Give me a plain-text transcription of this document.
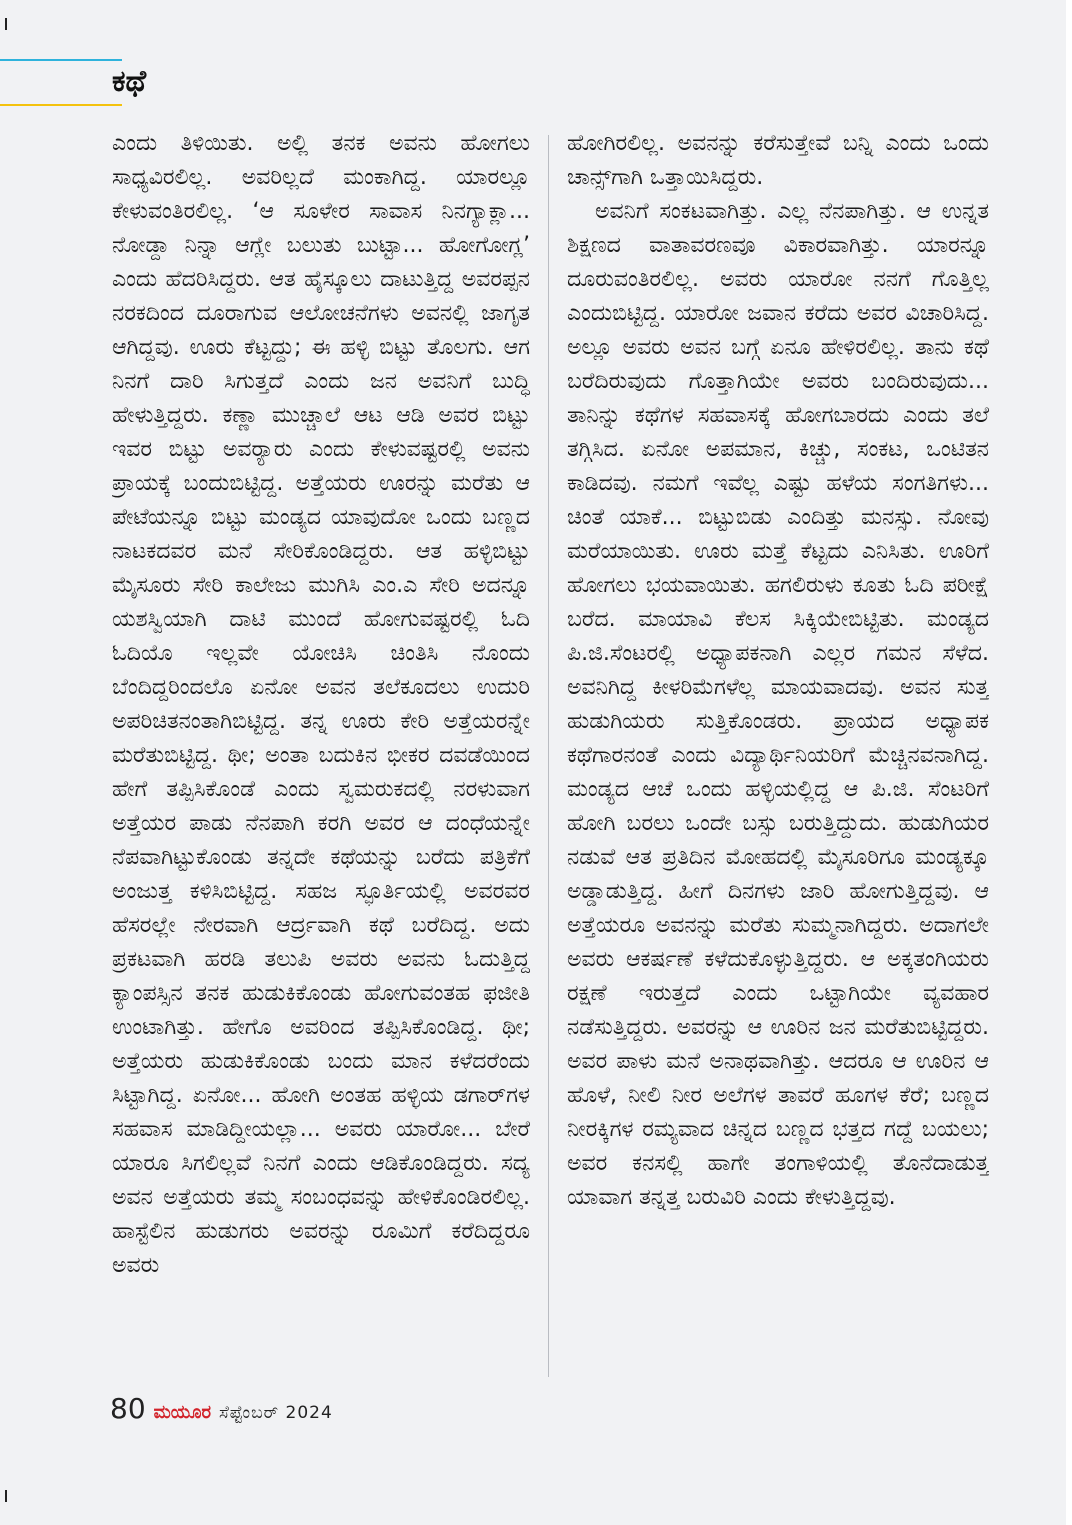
ಕಥೆ

ಎಂದು ತಿಳಿಯಿತು. ಅಲ್ಲಿ ತನಕ ಅವನು ಹೋಗಲು ಸಾಧ್ಯವಿರಲಿಲ್ಲ. ಅವರಿಲ್ಲದೆ ಮಂಕಾಗಿದ್ದ. ಯಾರಲ್ಲೂ ಕೇಳುವಂತಿರಲಿಲ್ಲ. ‘ಆ ಸೂಳೇರ ಸಾವಾಸ ನಿನಗ್ಯಾಕ್ಲಾ... ನೋಡ್ದಾ ನಿನ್ನಾ ಆಗ್ಲೇ ಬಲುತು ಬುಟ್ಟಾ... ಹೋಗೋಗ್ಲ’ ಎಂದು ಹೆದರಿಸಿದ್ದರು. ಆತ ಹೈಸ್ಕೂಲು ದಾಟುತ್ತಿದ್ದ ಅವರಪ್ಪನ ನರಕದಿಂದ ದೂರಾಗುವ ಆಲೋಚನೆಗಳು ಅವನಲ್ಲಿ ಜಾಗೃತ ಆಗಿದ್ದವು. ಊರು ಕೆಟ್ಟದ್ದು; ಈ ಹಳ್ಳಿ ಬಿಟ್ಟು ತೊಲಗು. ಆಗ ನಿನಗೆ ದಾರಿ ಸಿಗುತ್ತದೆ ಎಂದು ಜನ ಅವನಿಗೆ ಬುದ್ಧಿ ಹೇಳುತ್ತಿದ್ದರು. ಕಣ್ಣಾ ಮುಚ್ಚಾಲೆ ಆಟ ಆಡಿ ಅವರ ಬಿಟ್ಟು ಇವರ ಬಿಟ್ಟು ಅವರ್‍ಯಾರು ಎಂದು ಕೇಳುವಷ್ಟರಲ್ಲಿ ಅವನು ಪ್ರಾಯಕ್ಕೆ ಬಂದುಬಿಟ್ಟಿದ್ದ. ಅತ್ತೆಯರು ಊರನ್ನು ಮರೆತು ಆ ಪೇಟೆಯನ್ನೂ ಬಿಟ್ಟು ಮಂಡ್ಯದ ಯಾವುದೋ ಒಂದು ಬಣ್ಣದ ನಾಟಕದವರ ಮನೆ ಸೇರಿಕೊಂಡಿದ್ದರು. ಆತ ಹಳ್ಳಿಬಿಟ್ಟು ಮೈಸೂರು ಸೇರಿ ಕಾಲೇಜು ಮುಗಿಸಿ ಎಂ.ಎ ಸೇರಿ ಅದನ್ನೂ ಯಶಸ್ವಿಯಾಗಿ ದಾಟಿ ಮುಂದೆ ಹೋಗುವಷ್ಟರಲ್ಲಿ ಓದಿ ಓದಿಯೊ ಇಲ್ಲವೇ ಯೋಚಿಸಿ ಚಿಂತಿಸಿ ನೊಂದು ಬೆಂದಿದ್ದರಿಂದಲೊ ಏನೋ ಅವನ ತಲೆಕೂದಲು ಉದುರಿ ಅಪರಿಚಿತನಂತಾಗಿಬಿಟ್ಟಿದ್ದ. ತನ್ನ ಊರು ಕೇರಿ ಅತ್ತೆಯರನ್ನೇ ಮರೆತುಬಿಟ್ಟಿದ್ದ. ಥೀ; ಅಂತಾ ಬದುಕಿನ ಭೀಕರ ದವಡೆಯಿಂದ ಹೇಗೆ ತಪ್ಪಿಸಿಕೊಂಡೆ ಎಂದು ಸ್ವಮರುಕದಲ್ಲಿ ನರಳುವಾಗ ಅತ್ತೆಯರ ಪಾಡು ನೆನಪಾಗಿ ಕರಗಿ ಅವರ ಆ ದಂಧೆಯನ್ನೇ ನೆಪವಾಗಿಟ್ಟುಕೊಂಡು ತನ್ನದೇ ಕಥೆಯನ್ನು ಬರೆದು ಪತ್ರಿಕೆಗೆ ಅಂಜುತ್ತ ಕಳಿಸಿಬಿಟ್ಟಿದ್ದ. ಸಹಜ ಸ್ಫೂರ್ತಿಯಲ್ಲಿ ಅವರವರ ಹೆಸರಲ್ಲೇ ನೇರವಾಗಿ ಆರ್ದ್ರವಾಗಿ ಕಥೆ ಬರೆದಿದ್ದ. ಅದು ಪ್ರಕಟವಾಗಿ ಹರಡಿ ತಲುಪಿ ಅವರು ಅವನು ಓದುತ್ತಿದ್ದ ಕ್ಯಾಂಪಸ್ಸಿನ ತನಕ ಹುಡುಕಿಕೊಂಡು ಹೋಗುವಂತಹ ಫಜೀತಿ ಉಂಟಾಗಿತ್ತು. ಹೇಗೊ ಅವರಿಂದ ತಪ್ಪಿಸಿಕೊಂಡಿದ್ದ. ಥೀ; ಅತ್ತೆಯರು ಹುಡುಕಿಕೊಂಡು ಬಂದು ಮಾನ ಕಳೆದರೆಂದು ಸಿಟ್ಟಾಗಿದ್ದ. ಏನೋ... ಹೋಗಿ ಅಂತಹ ಹಳ್ಳಿಯ ಡಗಾರ್‌ಗಳ ಸಹವಾಸ ಮಾಡಿದ್ದೀಯಲ್ಲಾ... ಅವರು ಯಾರೋ... ಬೇರೆ ಯಾರೂ ಸಿಗಲಿಲ್ಲವೆ ನಿನಗೆ ಎಂದು ಆಡಿಕೊಂಡಿದ್ದರು. ಸದ್ಯ ಅವನ ಅತ್ತೆಯರು ತಮ್ಮ ಸಂಬಂಧವನ್ನು ಹೇಳಿಕೊಂಡಿರಲಿಲ್ಲ. ಹಾಸ್ಟೆಲಿನ ಹುಡುಗರು ಅವರನ್ನು ರೂಮಿಗೆ ಕರೆದಿದ್ದರೂ ಅವರು

ಹೋಗಿರಲಿಲ್ಲ. ಅವನನ್ನು ಕರೆಸುತ್ತೇವೆ ಬನ್ನಿ ಎಂದು ಒಂದು ಚಾನ್ಸ್‌ಗಾಗಿ ಒತ್ತಾಯಿಸಿದ್ದರು.

ಅವನಿಗೆ ಸಂಕಟವಾಗಿತ್ತು. ಎಲ್ಲ ನೆನಪಾಗಿತ್ತು. ಆ ಉನ್ನತ ಶಿಕ್ಷಣದ ವಾತಾವರಣವೂ ವಿಕಾರವಾಗಿತ್ತು. ಯಾರನ್ನೂ ದೂರುವಂತಿರಲಿಲ್ಲ. ಅವರು ಯಾರೋ ನನಗೆ ಗೊತ್ತಿಲ್ಲ ಎಂದುಬಿಟ್ಟಿದ್ದ. ಯಾರೋ ಜವಾನ ಕರೆದು ಅವರ ವಿಚಾರಿಸಿದ್ದ. ಅಲ್ಲೂ ಅವರು ಅವನ ಬಗ್ಗೆ ಏನೂ ಹೇಳಿರಲಿಲ್ಲ. ತಾನು ಕಥೆ ಬರೆದಿರುವುದು ಗೊತ್ತಾಗಿಯೇ ಅವರು ಬಂದಿರುವುದು... ತಾನಿನ್ನು ಕಥೆಗಳ ಸಹವಾಸಕ್ಕೆ ಹೋಗಬಾರದು ಎಂದು ತಲೆ ತಗ್ಗಿಸಿದ. ಏನೋ ಅಪಮಾನ, ಕಿಚ್ಚು, ಸಂಕಟ, ಒಂಟಿತನ ಕಾಡಿದವು. ನಮಗೆ ಇವೆಲ್ಲ ಎಷ್ಟು ಹಳೆಯ ಸಂಗತಿಗಳು... ಚಿಂತೆ ಯಾಕೆ... ಬಿಟ್ಟುಬಿಡು ಎಂದಿತ್ತು ಮನಸ್ಸು. ನೋವು ಮರೆಯಾಯಿತು. ಊರು ಮತ್ತೆ ಕೆಟ್ಟದು ಎನಿಸಿತು. ಊರಿಗೆ ಹೋಗಲು ಭಯವಾಯಿತು. ಹಗಲಿರುಳು ಕೂತು ಓದಿ ಪರೀಕ್ಷೆ ಬರೆದ. ಮಾಯಾವಿ ಕೆಲಸ ಸಿಕ್ಕಿಯೇಬಿಟ್ಟಿತು. ಮಂಡ್ಯದ ಪಿ.ಜಿ.ಸೆಂಟರಲ್ಲಿ ಅಧ್ಯಾಪಕನಾಗಿ ಎಲ್ಲರ ಗಮನ ಸೆಳೆದ. ಅವನಿಗಿದ್ದ ಕೀಳರಿಮೆಗಳೆಲ್ಲ ಮಾಯವಾದವು. ಅವನ ಸುತ್ತ ಹುಡುಗಿಯರು ಸುತ್ತಿಕೊಂಡರು. ಪ್ರಾಯದ ಅಧ್ಯಾಪಕ ಕಥೆಗಾರನಂತೆ ಎಂದು ವಿದ್ಯಾರ್ಥಿನಿಯರಿಗೆ ಮೆಚ್ಚಿನವನಾಗಿದ್ದ. ಮಂಡ್ಯದ ಆಚೆ ಒಂದು ಹಳ್ಳಿಯಲ್ಲಿದ್ದ ಆ ಪಿ.ಜಿ. ಸೆಂಟರಿಗೆ ಹೋಗಿ ಬರಲು ಒಂದೇ ಬಸ್ಸು ಬರುತ್ತಿದ್ದುದು. ಹುಡುಗಿಯರ ನಡುವೆ ಆತ ಪ್ರತಿದಿನ ಮೋಹದಲ್ಲಿ ಮೈಸೂರಿಗೂ ಮಂಡ್ಯಕ್ಕೂ ಅಡ್ಡಾಡುತ್ತಿದ್ದ. ಹೀಗೆ ದಿನಗಳು ಜಾರಿ ಹೋಗುತ್ತಿದ್ದವು. ಆ ಅತ್ತೆಯರೂ ಅವನನ್ನು ಮರೆತು ಸುಮ್ಮನಾಗಿದ್ದರು. ಅದಾಗಲೇ ಅವರು ಆಕರ್ಷಣೆ ಕಳೆದುಕೊಳ್ಳುತ್ತಿದ್ದರು. ಆ ಅಕ್ಕತಂಗಿಯರು ರಕ್ಷಣೆ ಇರುತ್ತದೆ ಎಂದು ಒಟ್ಟಾಗಿಯೇ ವ್ಯವಹಾರ ನಡೆಸುತ್ತಿದ್ದರು. ಅವರನ್ನು ಆ ಊರಿನ ಜನ ಮರೆತುಬಿಟ್ಟಿದ್ದರು. ಅವರ ಪಾಳು ಮನೆ ಅನಾಥವಾಗಿತ್ತು. ಆದರೂ ಆ ಊರಿನ ಆ ಹೊಳೆ, ನೀಲಿ ನೀರ ಅಲೆಗಳ ತಾವರೆ ಹೂಗಳ ಕೆರೆ; ಬಣ್ಣದ ನೀರಕ್ಕಿಗಳ ರಮ್ಯವಾದ ಚಿನ್ನದ ಬಣ್ಣದ ಭತ್ತದ ಗದ್ದೆ ಬಯಲು; ಅವರ ಕನಸಲ್ಲಿ ಹಾಗೇ ತಂಗಾಳಿಯಲ್ಲಿ ತೊನೆದಾಡುತ್ತ ಯಾವಾಗ ತನ್ನತ್ತ ಬರುವಿರಿ ಎಂದು ಕೇಳುತ್ತಿದ್ದವು.

80 ಮಯೂರ ಸೆಪ್ಟೆಂಬರ್ 2024
